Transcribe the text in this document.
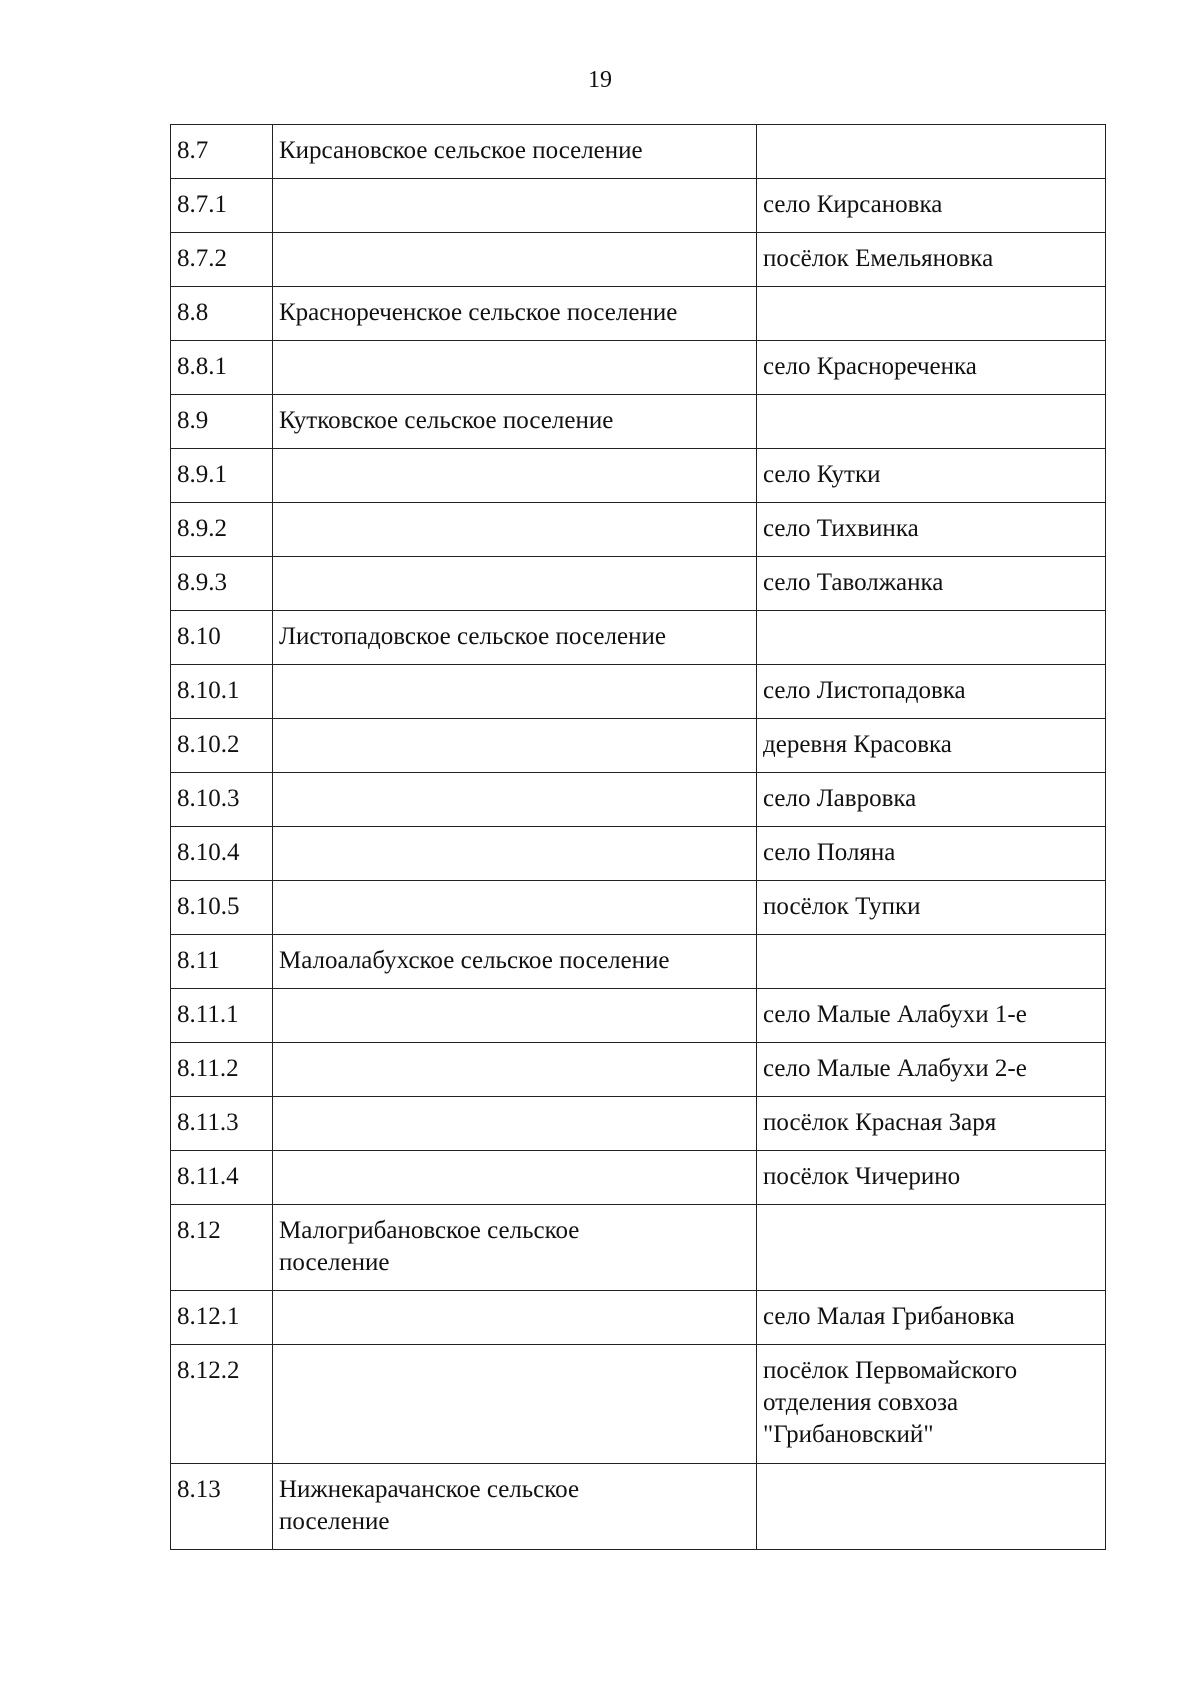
19
8.7	Кирсановское сельское поселение	
8.7.1		село Кирсановка
8.7.2		посёлок Емельяновка
8.8	Краснореченское сельское поселение	
8.8.1		село Краснореченка
8.9	Кутковское сельское поселение	
8.9.1		село Кутки
8.9.2		село Тихвинка
8.9.3		село Таволжанка
8.10	Листопадовское сельское поселение	
8.10.1		село Листопадовка
8.10.2		деревня Красовка
8.10.3		село Лавровка
8.10.4		село Поляна
8.10.5		посёлок Тупки
8.11	Малоалабухское сельское поселение	
8.11.1		село Малые Алабухи 1-е
8.11.2		село Малые Алабухи 2-е
8.11.3		посёлок Красная Заря
8.11.4		посёлок Чичерино
8.12	Малогрибановское сельское поселение	
8.12.1		село Малая Грибановка
8.12.2		посёлок Первомайского отделения совхоза "Грибановский"
8.13	Нижнекарачанское сельское поселение	
